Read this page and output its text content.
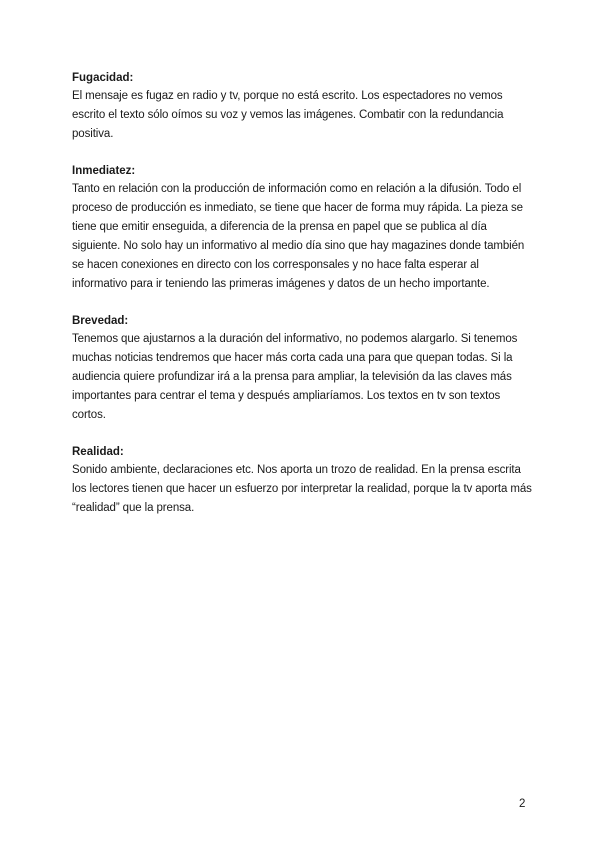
Fugacidad:

El mensaje es fugaz en radio y tv, porque no está escrito. Los espectadores no vemos escrito el texto sólo oímos su voz y vemos las imágenes. Combatir con la redundancia positiva.

Inmediatez:

Tanto en relación con la producción de información como en relación a la difusión. Todo el proceso de producción es inmediato, se tiene que hacer de forma muy rápida. La pieza se tiene que emitir enseguida, a diferencia de la prensa en papel que se publica al día siguiente. No solo hay un informativo al medio día sino que hay magazines donde también se hacen conexiones en directo con los corresponsales y no hace falta esperar al informativo para ir teniendo las primeras imágenes y datos de un hecho importante.

Brevedad:

Tenemos que ajustarnos a la duración del informativo, no podemos alargarlo. Si tenemos muchas noticias tendremos que hacer más corta cada una para que quepan todas. Si la audiencia quiere profundizar irá a la prensa para ampliar, la televisión da las claves más importantes para centrar el tema y después ampliaríamos. Los textos en tv son textos cortos.

Realidad:

Sonido ambiente, declaraciones etc. Nos aporta un trozo de realidad. En la prensa escrita los lectores tienen que hacer un esfuerzo por interpretar la realidad, porque la tv aporta más “realidad” que la prensa.

2
